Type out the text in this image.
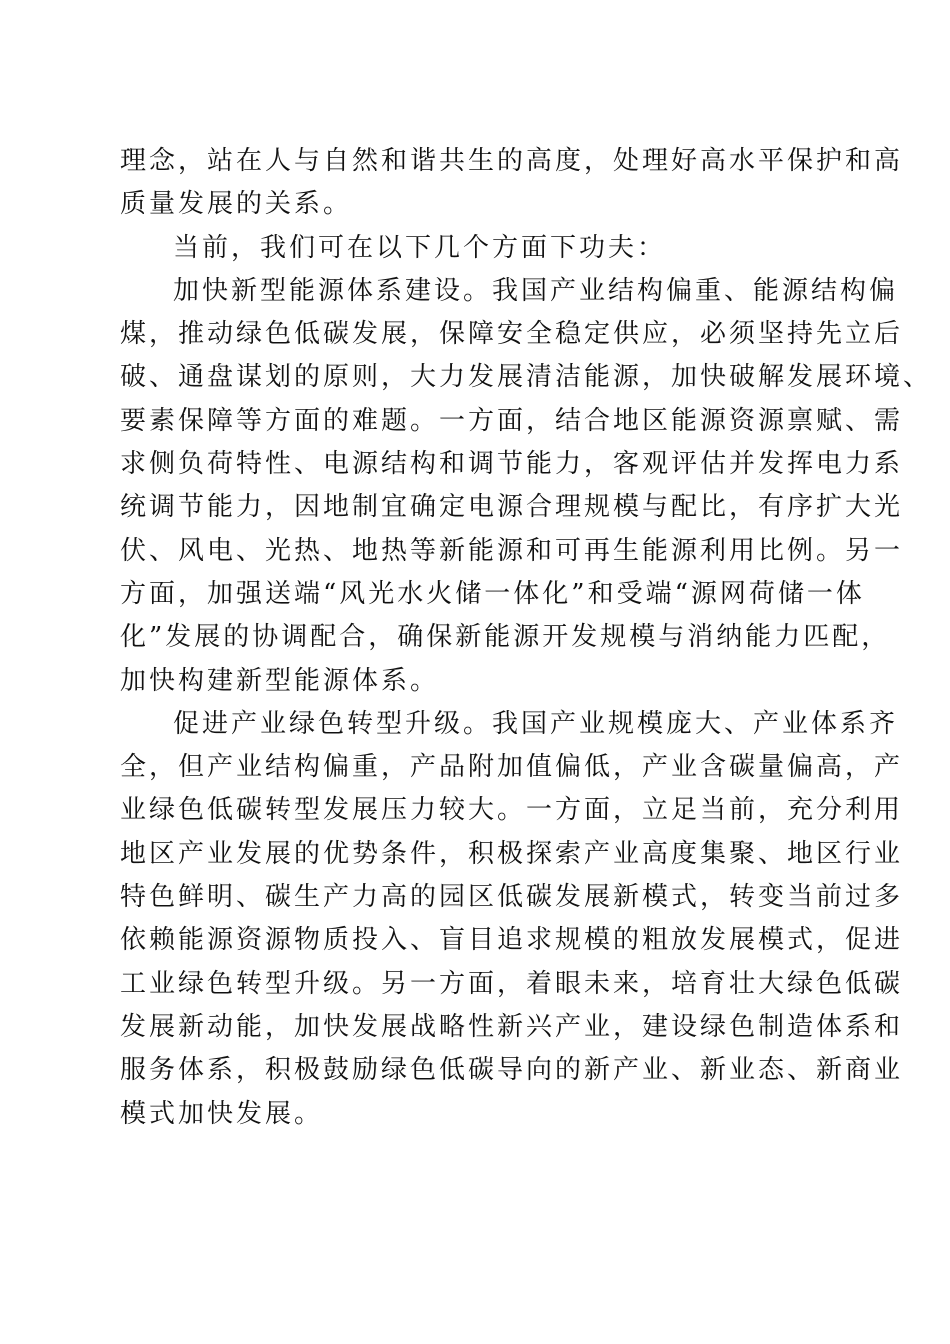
理念，站在人与自然和谐共生的高度，处理好高水平保护和高
质量发展的关系。
当前，我们可在以下几个方面下功夫：
加快新型能源体系建设。我国产业结构偏重、能源结构偏
煤，推动绿色低碳发展，保障安全稳定供应，必须坚持先立后
破、通盘谋划的原则，大力发展清洁能源，加快破解发展环境、
要素保障等方面的难题。一方面，结合地区能源资源禀赋、需
求侧负荷特性、电源结构和调节能力，客观评估并发挥电力系
统调节能力，因地制宜确定电源合理规模与配比，有序扩大光
伏、风电、光热、地热等新能源和可再生能源利用比例。另一
方面，加强送端“风光水火储一体化”和受端“源网荷储一体
化”发展的协调配合，确保新能源开发规模与消纳能力匹配，
加快构建新型能源体系。
促进产业绿色转型升级。我国产业规模庞大、产业体系齐
全，但产业结构偏重，产品附加值偏低，产业含碳量偏高，产
业绿色低碳转型发展压力较大。一方面，立足当前，充分利用
地区产业发展的优势条件，积极探索产业高度集聚、地区行业
特色鲜明、碳生产力高的园区低碳发展新模式，转变当前过多
依赖能源资源物质投入、盲目追求规模的粗放发展模式，促进
工业绿色转型升级。另一方面，着眼未来，培育壮大绿色低碳
发展新动能，加快发展战略性新兴产业，建设绿色制造体系和
服务体系，积极鼓励绿色低碳导向的新产业、新业态、新商业
模式加快发展。
